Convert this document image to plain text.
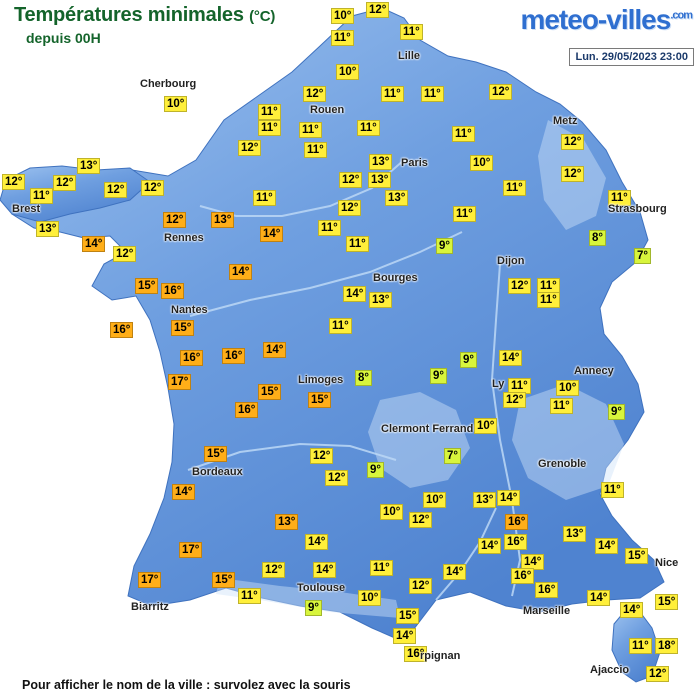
Températures minimales (°C)
depuis 00H
meteo-villes$^{.com}$
Lun. 29/05/2023 23:00
Pour afficher le nom de la ville : survolez avec la souris
10° 12°
11°	11°
10°
11° 11°	12°
10°
12°
11°
11° 11°	11°	11°
12°
12°	11°
13°	10°
12° 13°	12°
12°
13°
11°
12°
12° 12°
11°	13°
11°
11°
13°
12°	13°
12°
11°
11°
14°
12°
14°
11°	9°
8°
7°
14°
15° 16°	14° 13°
12° 11°
11°
15°
16°	11°
16° 16° 14°
9° 14°
17°	8°	9°
11°	10°
15°
15°	12°	11°
16°
10°
9°
7°
15°	12°
12°
9°
11°
14°
10°	13° 14°
10°
12°	16°
13°
13°
17°
14°	14° 16°
14°
14°
15°
17°	15°
12°	14°	11°
12°
14°	16°
16°
14°
14°
15°
11°	10°
9°
15°
14°
16°
11° 18°
12°
Cherbourg
Lille
Rouen
Paris
Metz
Brest	Strasbourg
Rennes
Bourges
Dijon
Nantes
Limoges
Annecy
Ly
Clermont Ferrand
Grenoble
Bordeaux
Nice
Toulouse
Marseille
Biarritz
rpignan
Ajaccio
